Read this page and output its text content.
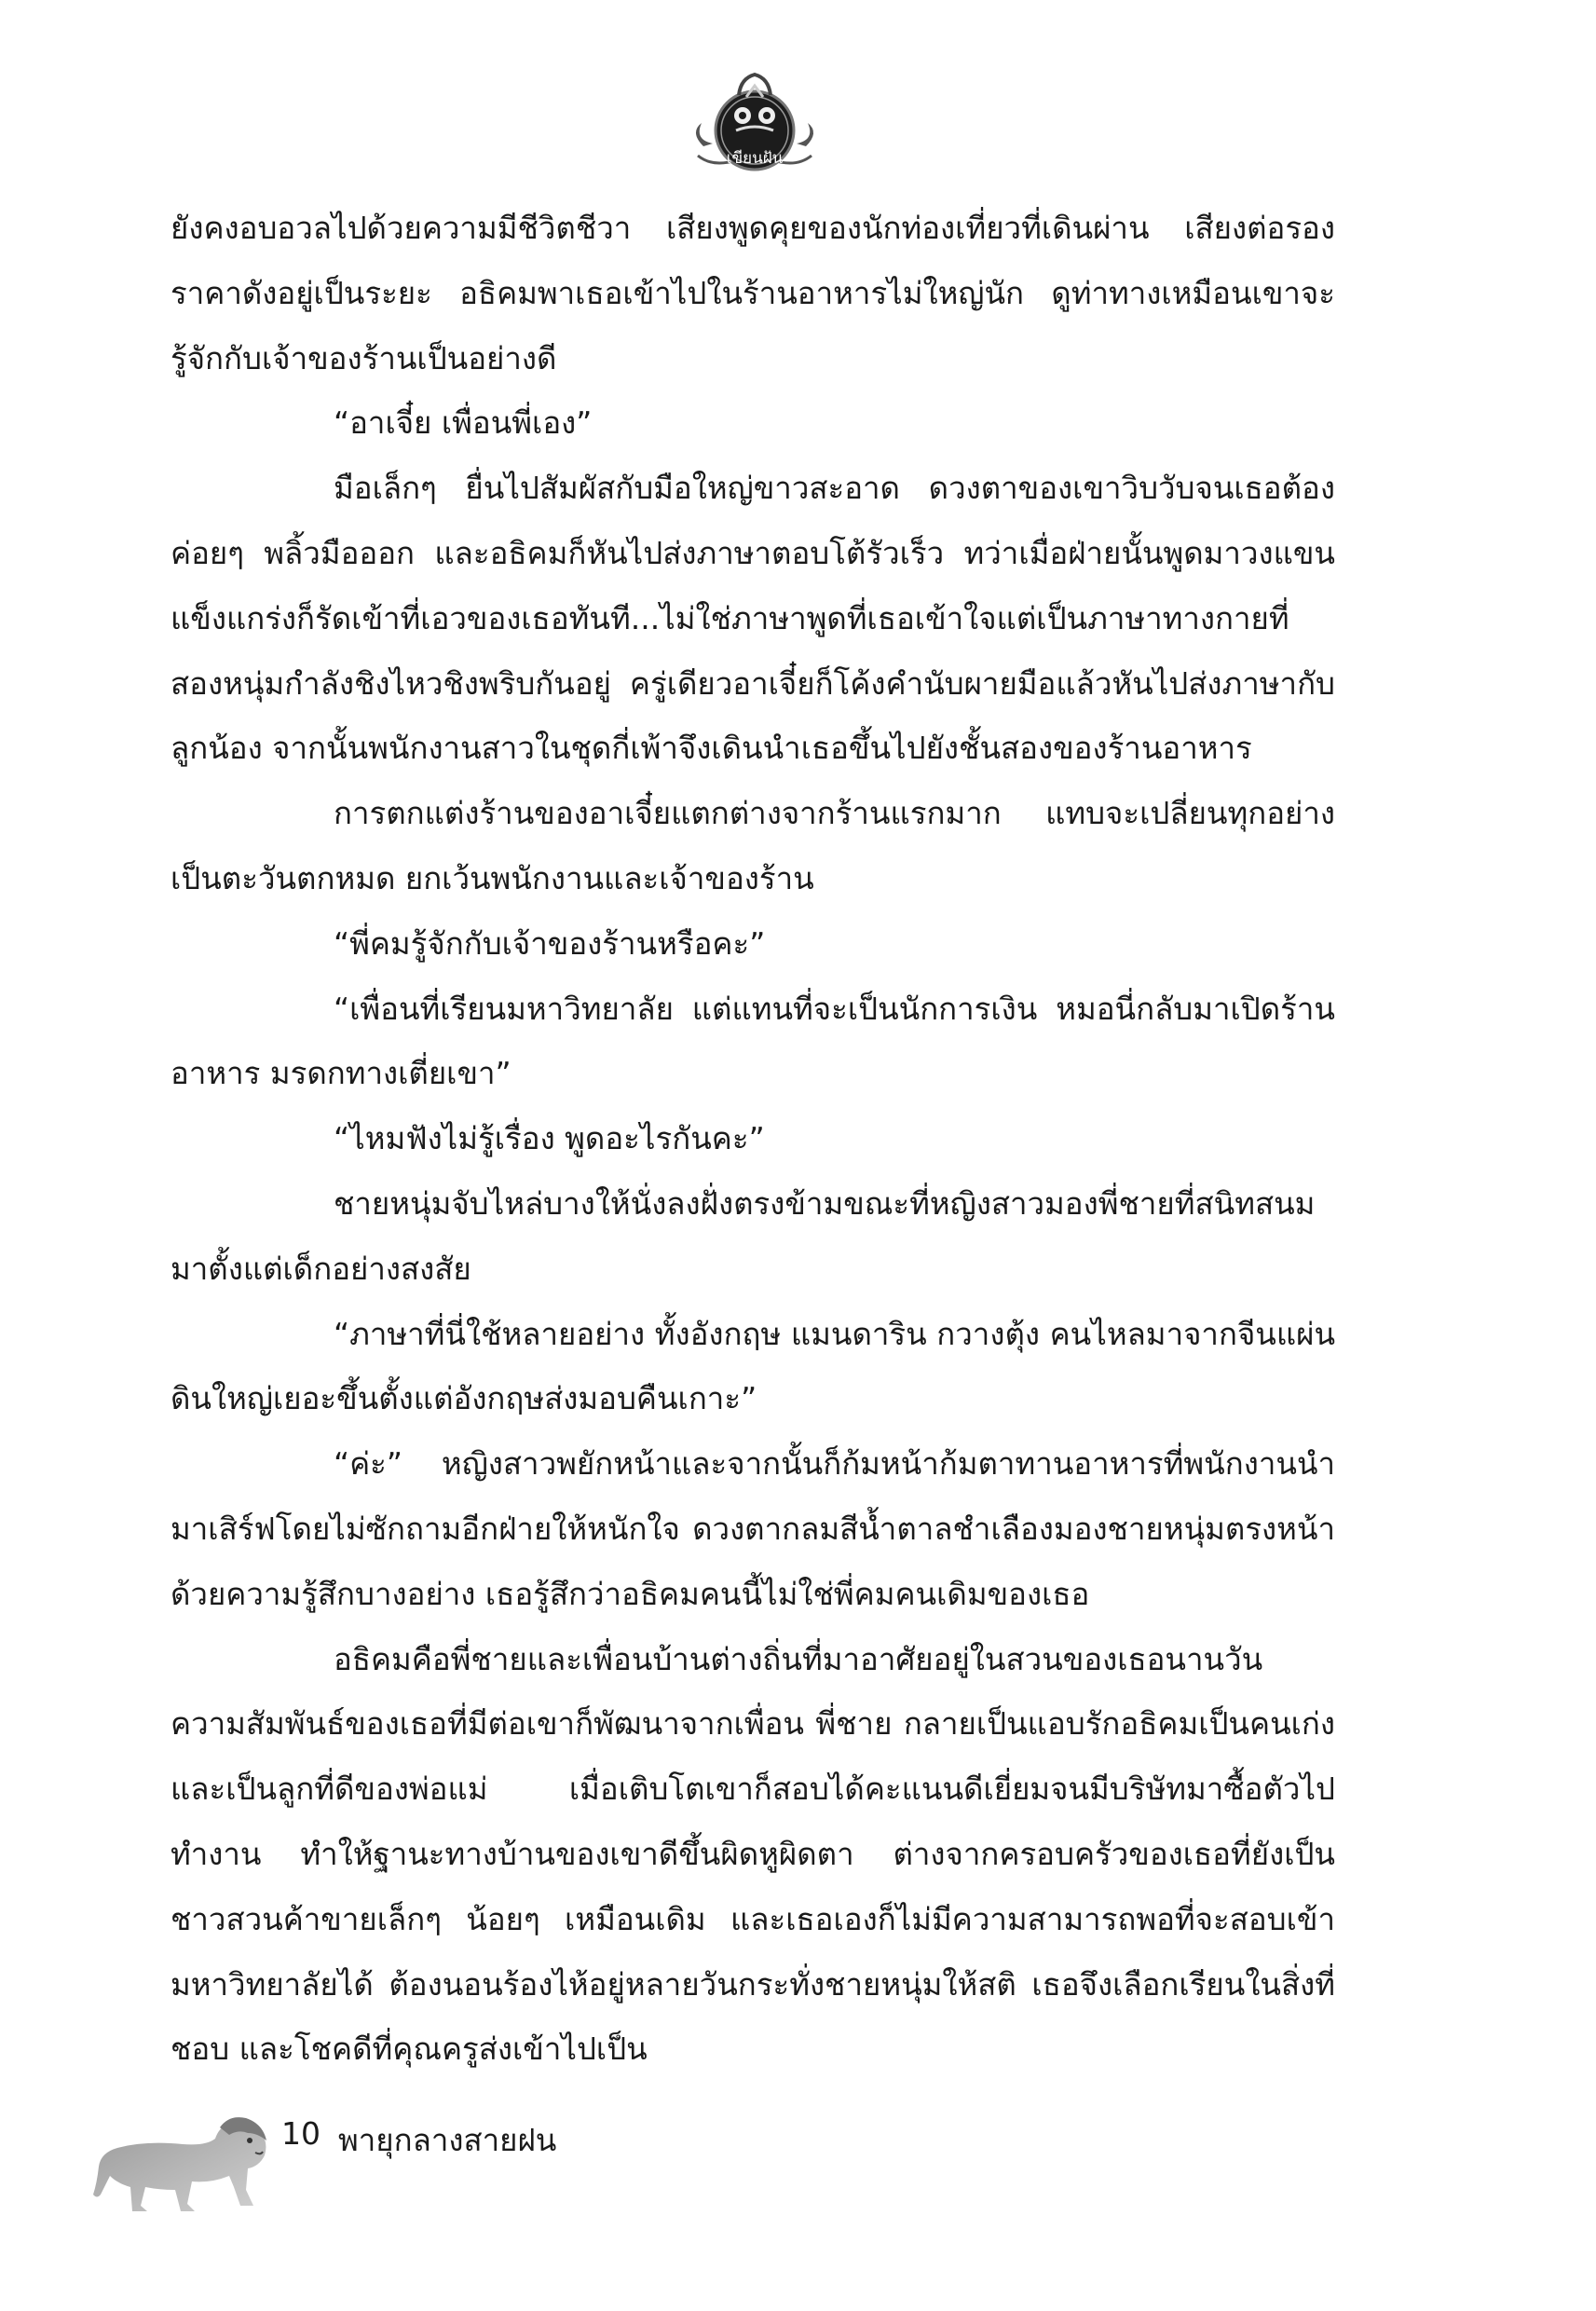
เขียนฝัน

ยังคงอบอวลไปด้วยความมีชีวิตชีวา เสียงพูดคุยของนักท่องเที่ยวที่เดินผ่าน เสียงต่อรองราคาดังอยู่เป็นระยะ อธิคมพาเธอเข้าไปในร้านอาหารไม่ใหญ่นัก ดูท่าทางเหมือนเขาจะรู้จักกับเจ้าของร้านเป็นอย่างดี

“อาเจี๋ย เพื่อนพี่เอง”

มือเล็กๆ ยื่นไปสัมผัสกับมือใหญ่ขาวสะอาด ดวงตาของเขาวิบวับจนเธอต้องค่อยๆ พลิ้วมือออก และอธิคมก็หันไปส่งภาษาตอบโต้รัวเร็ว ทว่าเมื่อฝ่ายนั้นพูดมาวงแขนแข็งแกร่งก็รัดเข้าที่เอวของเธอทันที...ไม่ใช่ภาษาพูดที่เธอเข้าใจแต่เป็นภาษาทางกายที่สองหนุ่มกำลังชิงไหวชิงพริบกันอยู่ ครู่เดียวอาเจี๋ยก็โค้งคำนับผายมือแล้วหันไปส่งภาษากับลูกน้อง จากนั้นพนักงานสาวในชุดกี่เพ้าจึงเดินนำเธอขึ้นไปยังชั้นสองของร้านอาหาร

การตกแต่งร้านของอาเจี๋ยแตกต่างจากร้านแรกมาก แทบจะเปลี่ยนทุกอย่างเป็นตะวันตกหมด ยกเว้นพนักงานและเจ้าของร้าน

“พี่คมรู้จักกับเจ้าของร้านหรือคะ”

“เพื่อนที่เรียนมหาวิทยาลัย แต่แทนที่จะเป็นนักการเงิน หมอนี่กลับมาเปิดร้านอาหาร มรดกทางเตี่ยเขา”

“ไหมฟังไม่รู้เรื่อง พูดอะไรกันคะ”

ชายหนุ่มจับไหล่บางให้นั่งลงฝั่งตรงข้ามขณะที่หญิงสาวมองพี่ชายที่สนิทสนมมาตั้งแต่เด็กอย่างสงสัย

“ภาษาที่นี่ใช้หลายอย่าง ทั้งอังกฤษ แมนดาริน กวางตุ้ง คนไหลมาจากจีนแผ่นดินใหญ่เยอะขึ้นตั้งแต่อังกฤษส่งมอบคืนเกาะ”

“ค่ะ” หญิงสาวพยักหน้าและจากนั้นก็ก้มหน้าก้มตาทานอาหารที่พนักงานนำมาเสิร์ฟโดยไม่ซักถามอีกฝ่ายให้หนักใจ ดวงตากลมสีน้ำตาลชำเลืองมองชายหนุ่มตรงหน้าด้วยความรู้สึกบางอย่าง เธอรู้สึกว่าอธิคมคนนี้ไม่ใช่พี่คมคนเดิมของเธอ

อธิคมคือพี่ชายและเพื่อนบ้านต่างถิ่นที่มาอาศัยอยู่ในสวนของเธอนานวันความสัมพันธ์ของเธอที่มีต่อเขาก็พัฒนาจากเพื่อน พี่ชาย กลายเป็นแอบรักอธิคมเป็นคนเก่งและเป็นลูกที่ดีของพ่อแม่ เมื่อเติบโตเขาก็สอบได้คะแนนดีเยี่ยมจนมีบริษัทมาซื้อตัวไปทำงาน ทำให้ฐานะทางบ้านของเขาดีขึ้นผิดหูผิดตา ต่างจากครอบครัวของเธอที่ยังเป็นชาวสวนค้าขายเล็กๆ น้อยๆ เหมือนเดิม และเธอเองก็ไม่มีความสามารถพอที่จะสอบเข้ามหาวิทยาลัยได้ ต้องนอนร้องไห้อยู่หลายวันกระทั่งชายหนุ่มให้สติ เธอจึงเลือกเรียนในสิ่งที่ชอบ และโชคดีที่คุณครูส่งเข้าไปเป็น

10 พายุกลางสายฝน
